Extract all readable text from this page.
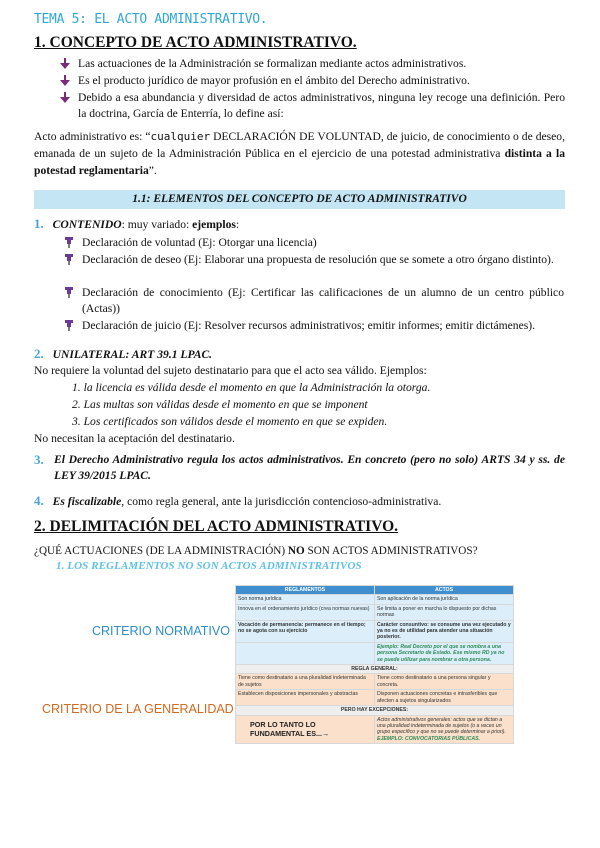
TEMA 5: EL ACTO ADMINISTRATIVO.
1. CONCEPTO DE ACTO ADMINISTRATIVO.
Las actuaciones de la Administración se formalizan mediante actos administrativos.
Es el producto jurídico de mayor profusión en el ámbito del Derecho administrativo.
Debido a esa abundancia y diversidad de actos administrativos, ninguna ley recoge una definición. Pero la doctrina, García de Enterría, lo define así:
Acto administrativo es: “cualquier DECLARACIÓN DE VOLUNTAD, de juicio, de conocimiento o de deseo, emanada de un sujeto de la Administración Pública en el ejercicio de una potestad administrativa distinta a la potestad reglamentaria”.
1.1: ELEMENTOS DEL CONCEPTO DE ACTO ADMINISTRATIVO
1. CONTENIDO: muy variado: ejemplos:
Declaración de voluntad (Ej: Otorgar una licencia)
Declaración de deseo (Ej: Elaborar una propuesta de resolución que se somete a otro órgano distinto).
Declaración de conocimiento (Ej: Certificar las calificaciones de un alumno de un centro público (Actas))
Declaración de juicio (Ej: Resolver recursos administrativos; emitir informes; emitir dictámenes).
2. UNILATERAL: ART 39.1 LPAC.
No requiere la voluntad del sujeto destinatario para que el acto sea válido. Ejemplos:
1. la licencia es válida desde el momento en que la Administración la otorga.
2. Las multas son válidas desde el momento en que se imponent
3. Los certificados son válidos desde el momento en que se expiden.
No necesitan la aceptación del destinatario.
3. El Derecho Administrativo regula los actos administrativos. En concreto (pero no solo) ARTS 34 y ss. de LEY 39/2015 LPAC.
4. Es fiscalizable, como regla general, ante la jurisdicción contencioso-administrativa.
2. DELIMITACIÓN DEL ACTO ADMINISTRATIVO.
¿QUÉ ACTUACIONES (DE LA ADMINISTRACIÓN) NO SON ACTOS ADMINISTRATIVOS?
1. LOS REGLAMENTOS NO SON ACTOS ADMINISTRATIVOS
CRITERIO NORMATIVO
CRITERIO DE LA GENERALIDAD
REGLAMENTOS	ACTOS
Son norma jurídica	Son aplicación de la norma jurídica
Innova en el ordenamiento jurídico (crea normas nuevas)	Se limita a poner en marcha lo dispuesto por dichas normas
Vocación de permanencia: permanece en el tiempo; no se agota con su ejercicio	Carácter consuntivo: se consume una vez ejecutado y ya no es de utilidad para atender una situación posterior.
	Ejemplo: Real Decreto por el que se nombra a una persona Secretario de Estado. Ese mismo RD ya no se puede utilizar para nombrar a otra persona.
REGLA GENERAL:	
Tiene como destinatario a una pluralidad indeterminada de sujetos	Tiene como destinatario a una persona singular y concreta.
Establecen disposiciones impersonales y abstractas	Disponen actuaciones concretas e intrasferibles que afecten a sujetos singularizados
PERO HAY EXCEPCIONES:	
POR LO TANTO LO FUNDAMENTAL ES...→	Actos administrativos generales: actos que se dictan a una pluralidad indeterminada de sujetos (o a veces un grupo específico y que no se puede determinar a priori). EJEMPLO: CONVOCATORIAS PÚBLICAS.
